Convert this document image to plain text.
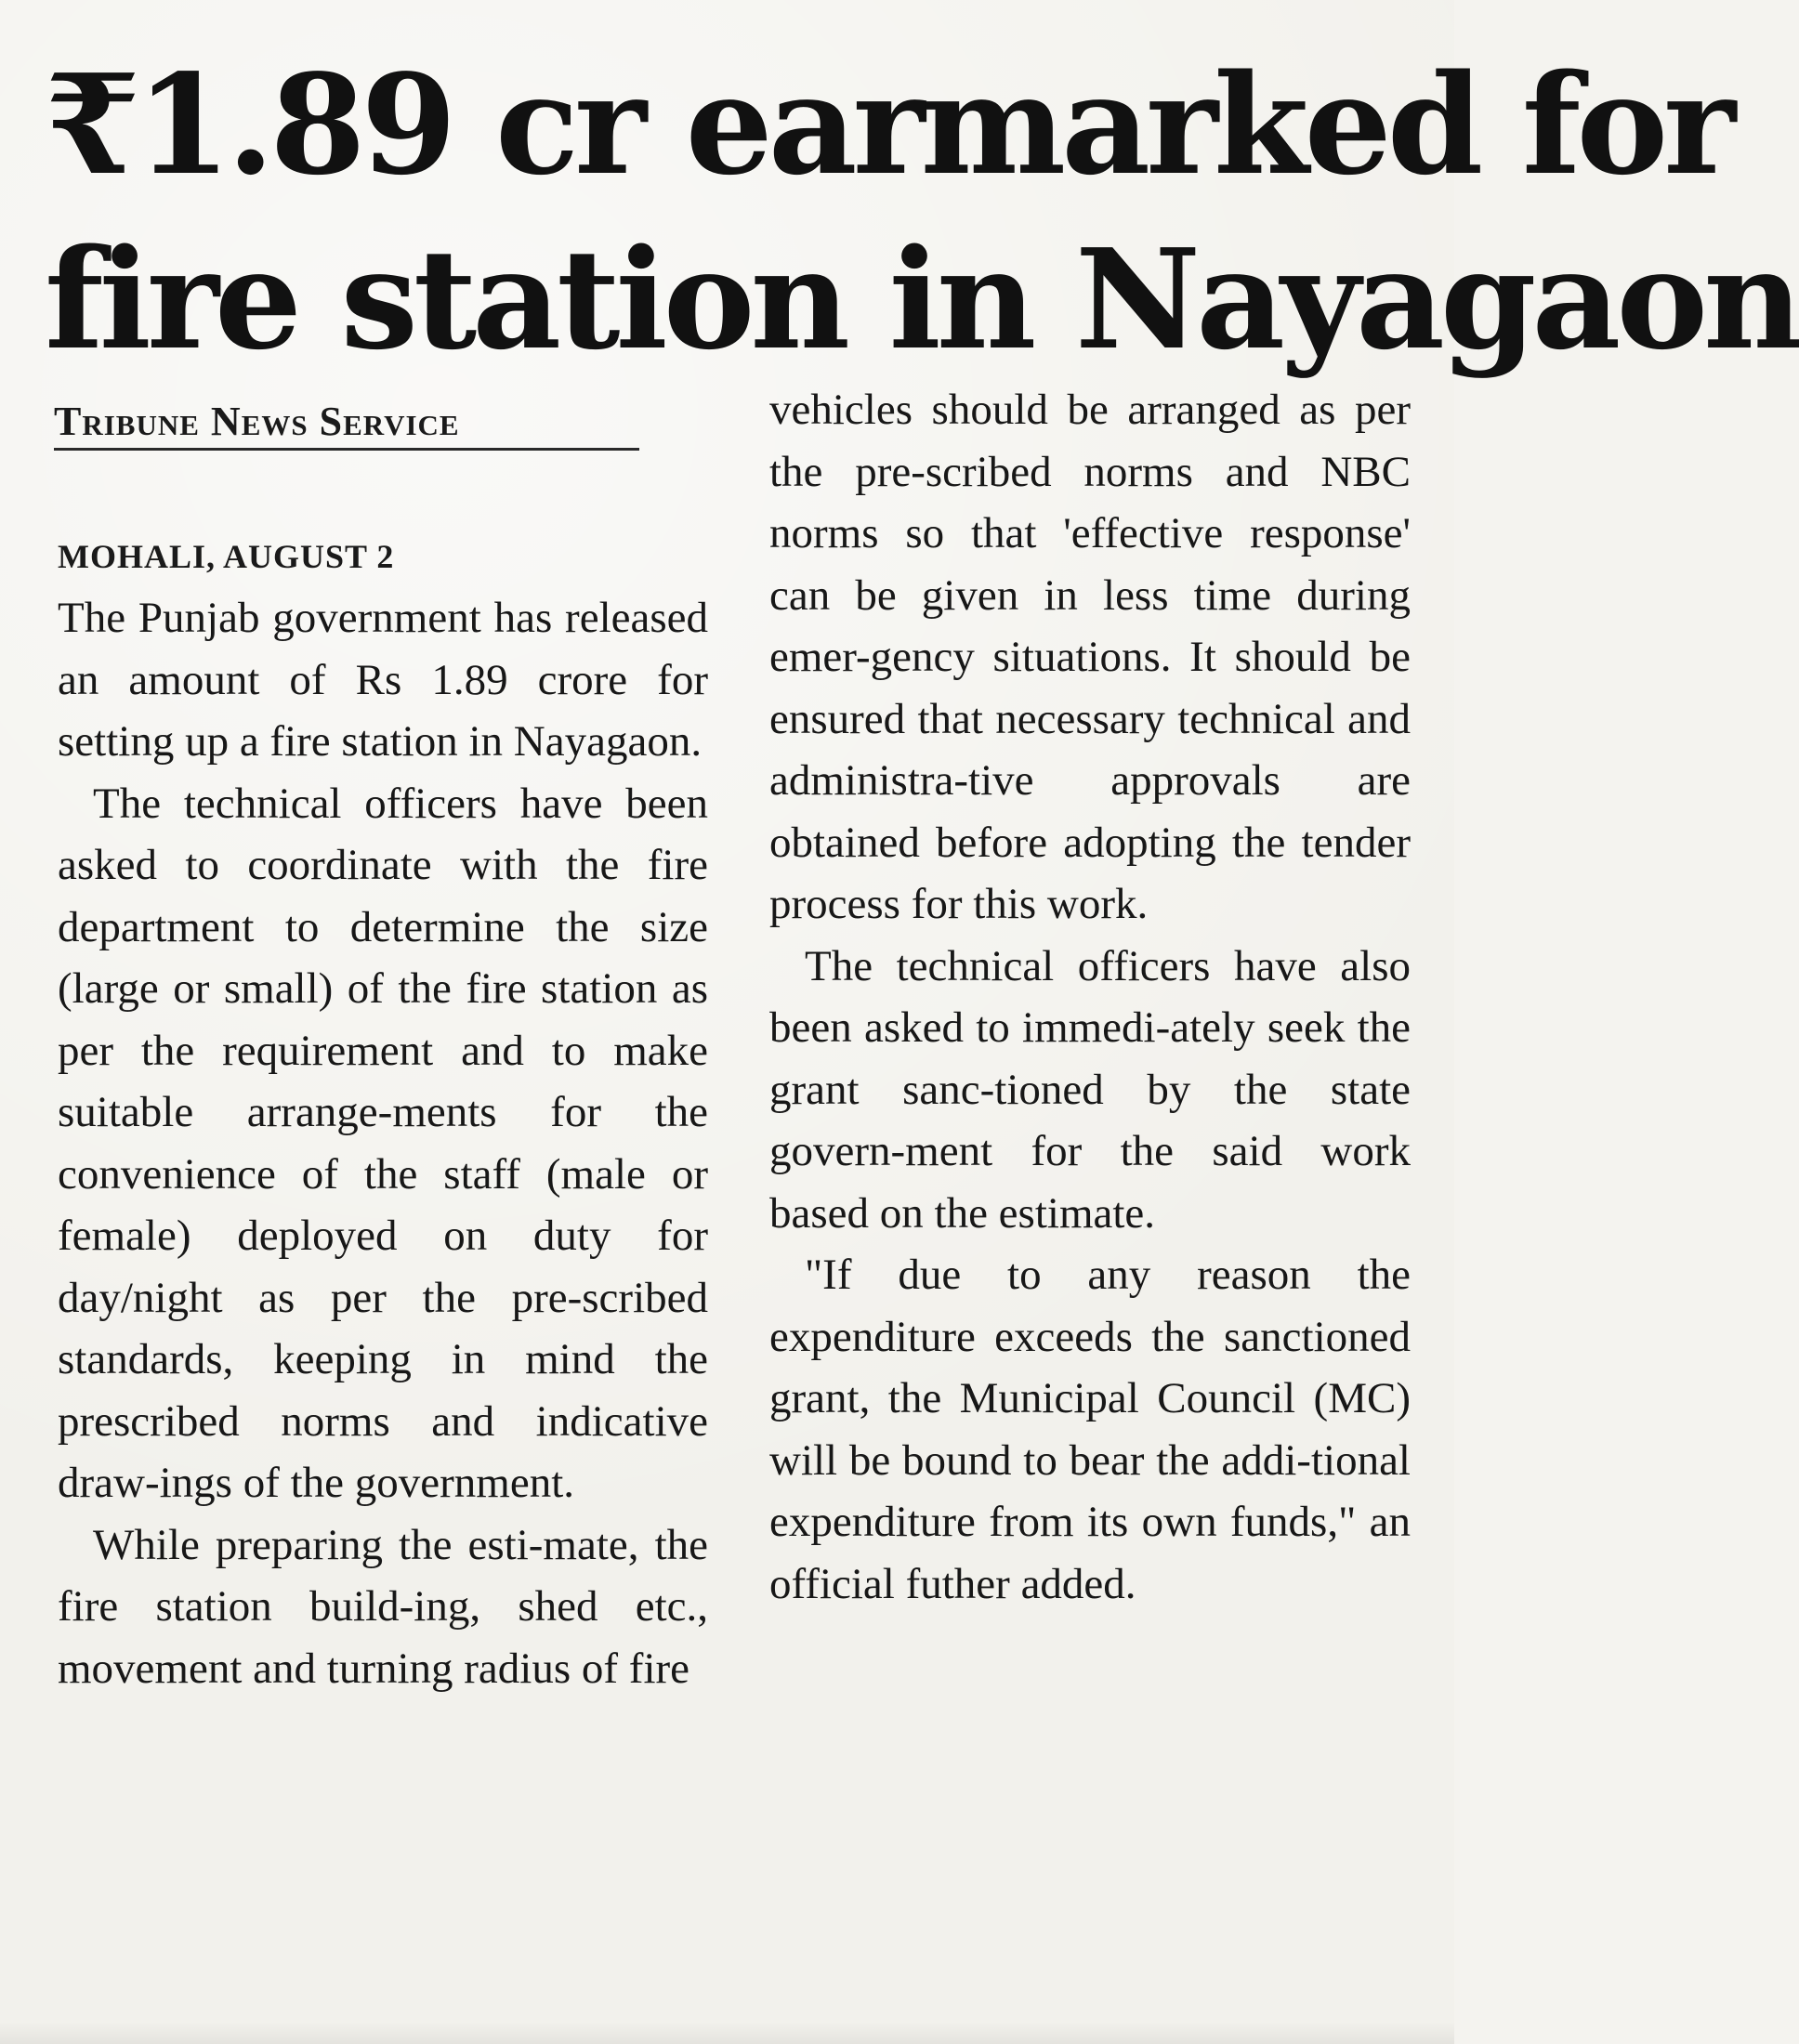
₹1.89 cr earmarked for
fire station in Nayagaon
Tribune News Service
MOHALI, AUGUST 2

The Punjab government has released an amount of Rs 1.89 crore for setting up a fire station in Nayagaon.

The technical officers have been asked to coordinate with the fire department to determine the size (large or small) of the fire station as per the requirement and to make suitable arrange-ments for the convenience of the staff (male or female) deployed on duty for day/night as per the pre-scribed standards, keeping in mind the prescribed norms and indicative draw-ings of the government.

While preparing the esti-mate, the fire station build-ing, shed etc., movement and turning radius of fire

vehicles should be arranged as per the pre-scribed norms and NBC norms so that 'effective response' can be given in less time during emer-gency situations. It should be ensured that necessary technical and administra-tive approvals are obtained before adopting the tender process for this work.

The technical officers have also been asked to immedi-ately seek the grant sanc-tioned by the state govern-ment for the said work based on the estimate.

"If due to any reason the expenditure exceeds the sanctioned grant, the Municipal Council (MC) will be bound to bear the addi-tional expenditure from its own funds," an official futher added.
